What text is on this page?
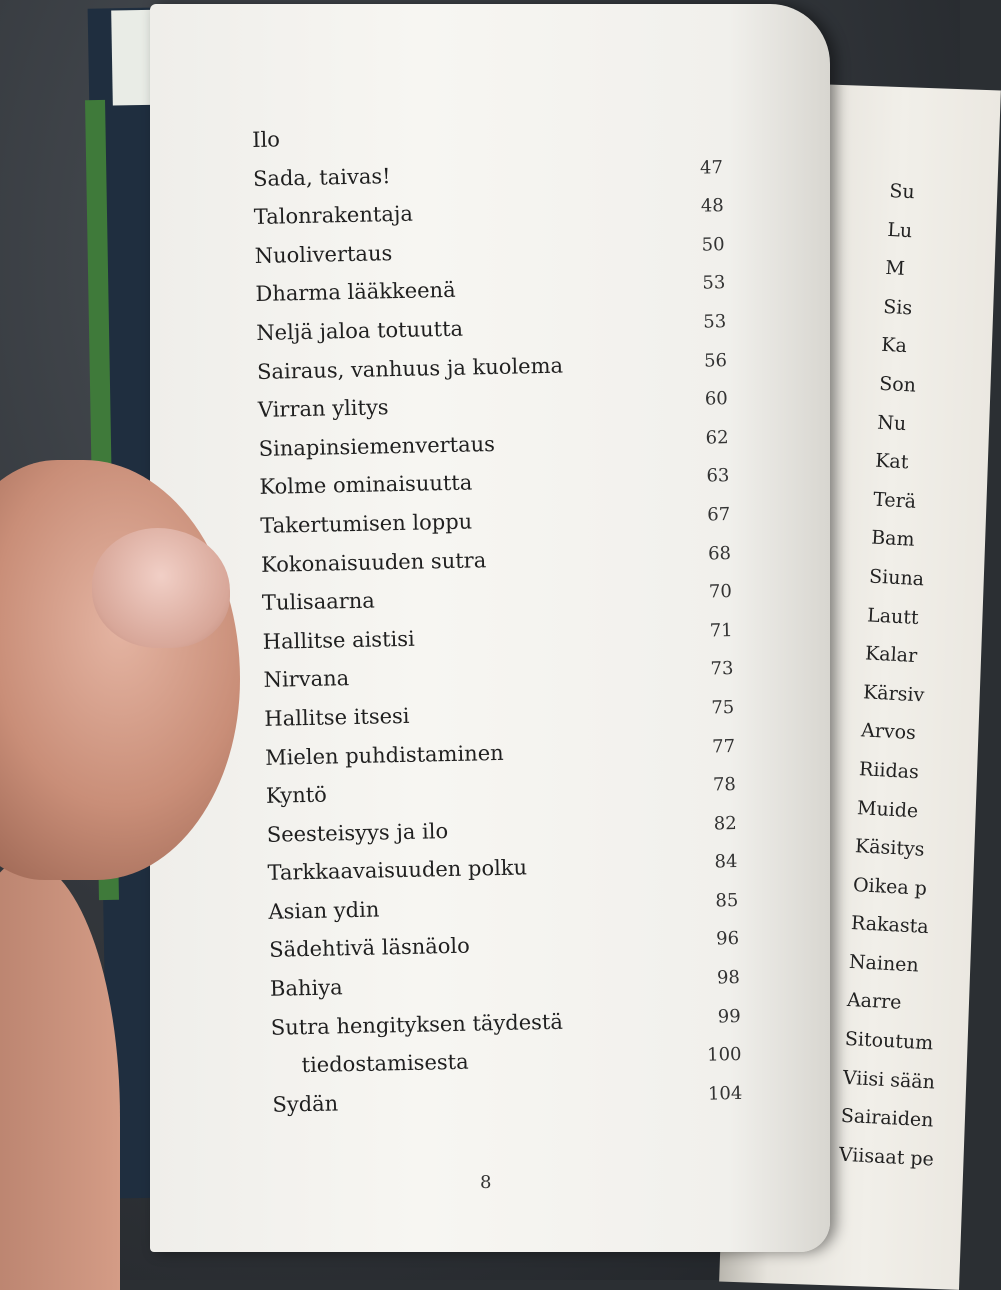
Su
Lu
M
Sis
Ka
Son
Nu
Kat
Terä
Bam
Siuna
Lautt
Kalar
Kärsiv
Arvos
Riidas
Muide
Käsitys
Oikea p
Rakasta
Nainen
Aarre
Sitoutum
Viisi sään
Sairaiden
Viisaat pe
Ilo
Sada, taivas!	47
Talonrakentaja	48
Nuolivertaus	50
Dharma lääkkeenä	53
Neljä jaloa totuutta	53
Sairaus, vanhuus ja kuolema	56
Virran ylitys	60
Sinapinsiemenvertaus	62
Kolme ominaisuutta	63
Takertumisen loppu	67
Kokonaisuuden sutra	68
Tulisaarna	70
Hallitse aistisi	71
Nirvana	73
Hallitse itsesi	75
Mielen puhdistaminen	77
Kyntö	78
Seesteisyys ja ilo	82
Tarkkaavaisuuden polku	84
Asian ydin	85
Sädehtivä läsnäolo	96
Bahiya	98
Sutra hengityksen täydestä	99
tiedostamisesta	100
Sydän	104
8
